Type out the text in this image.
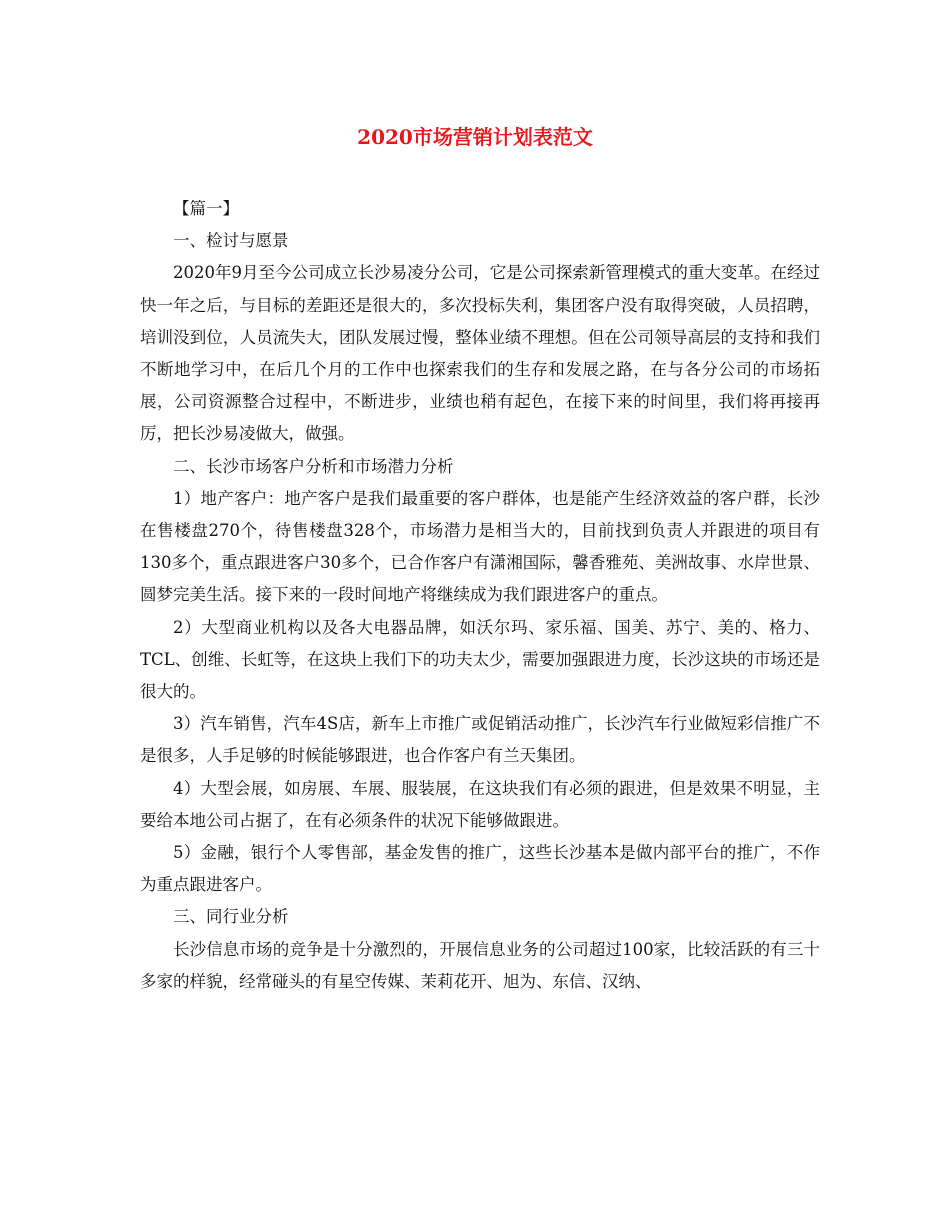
2020市场营销计划表范文

【篇一】

一、检讨与愿景

2020年9月至今公司成立长沙易凌分公司，它是公司探索新管理模式的重大变革。在经过快一年之后，与目标的差距还是很大的，多次投标失利，集团客户没有取得突破，人员招聘，培训没到位，人员流失大，团队发展过慢，整体业绩不理想。但在公司领导高层的支持和我们不断地学习中，在后几个月的工作中也探索我们的生存和发展之路，在与各分公司的市场拓展，公司资源整合过程中，不断进步，业绩也稍有起色，在接下来的时间里，我们将再接再厉，把长沙易凌做大，做强。

二、长沙市场客户分析和市场潜力分析

1）地产客户：地产客户是我们最重要的客户群体，也是能产生经济效益的客户群，长沙在售楼盘270个，待售楼盘328个，市场潜力是相当大的，目前找到负责人并跟进的项目有130多个，重点跟进客户30多个，已合作客户有潇湘国际，馨香雅苑、美洲故事、水岸世景、圆梦完美生活。接下来的一段时间地产将继续成为我们跟进客户的重点。

2）大型商业机构以及各大电器品牌，如沃尔玛、家乐福、国美、苏宁、美的、格力、TCL、创维、长虹等，在这块上我们下的功夫太少，需要加强跟进力度，长沙这块的市场还是很大的。

3）汽车销售，汽车4S店，新车上市推广或促销活动推广，长沙汽车行业做短彩信推广不是很多，人手足够的时候能够跟进，也合作客户有兰天集团。

4）大型会展，如房展、车展、服装展，在这块我们有必须的跟进，但是效果不明显，主要给本地公司占据了，在有必须条件的状况下能够做跟进。

5）金融，银行个人零售部，基金发售的推广，这些长沙基本是做内部平台的推广，不作为重点跟进客户。

三、同行业分析

长沙信息市场的竞争是十分激烈的，开展信息业务的公司超过100家，比较活跃的有三十多家的样貌，经常碰头的有星空传媒、茉莉花开、旭为、东信、汉纳、
